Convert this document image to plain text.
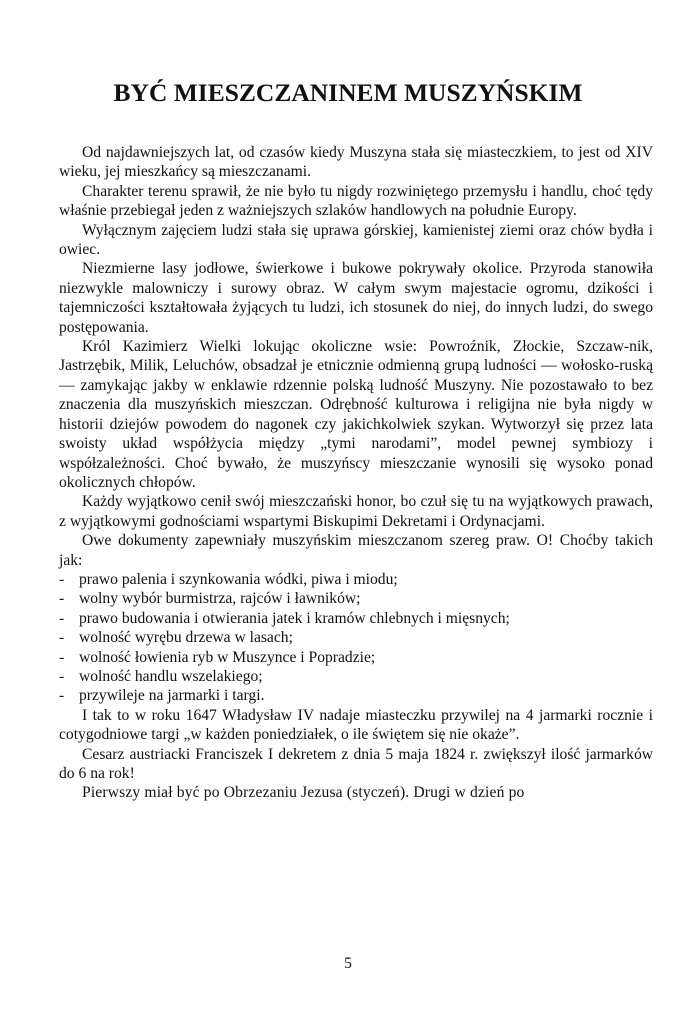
BYĆ MIESZCZANINEM MUSZYŃSKIM

Od najdawniejszych lat, od czasów kiedy Muszyna stała się miasteczkiem, to jest od XIV wieku, jej mieszkańcy są mieszczanami.

Charakter terenu sprawił, że nie było tu nigdy rozwiniętego przemysłu i handlu, choć tędy właśnie przebiegał jeden z ważniejszych szlaków handlowych na południe Europy.

Wyłącznym zajęciem ludzi stała się uprawa górskiej, kamienistej ziemi oraz chów bydła i owiec.

Niezmierne lasy jodłowe, świerkowe i bukowe pokrywały okolice. Przyroda stanowiła niezwykle malowniczy i surowy obraz. W całym swym majestacie ogromu, dzikości i tajemniczości kształtowała żyjących tu ludzi, ich stosunek do niej, do innych ludzi, do swego postępowania.

Król Kazimierz Wielki lokując okoliczne wsie: Powroźnik, Złockie, Szczaw-nik, Jastrzębik, Milik, Leluchów, obsadzał je etnicznie odmienną grupą ludności — wołosko-ruską — zamykając jakby w enklawie rdzennie polską ludność Muszyny. Nie pozostawało to bez znaczenia dla muszyńskich mieszczan. Odrębność kulturowa i religijna nie była nigdy w historii dziejów powodem do nagonek czy jakichkolwiek szykan. Wytworzył się przez lata swoisty układ współżycia między „tymi narodami”, model pewnej symbiozy i współzależności. Choć bywało, że muszyńscy mieszczanie wynosili się wysoko ponad okolicznych chłopów.

Każdy wyjątkowo cenił swój mieszczański honor, bo czuł się tu na wyjątkowych prawach, z wyjątkowymi godnościami wspartymi Biskupimi Dekretami i Ordynacjami.

Owe dokumenty zapewniały muszyńskim mieszczanom szereg praw. O! Choćby takich jak:

- prawo palenia i szynkowania wódki, piwa i miodu;
- wolny wybór burmistrza, rajców i ławników;
- prawo budowania i otwierania jatek i kramów chlebnych i mięsnych;
- wolność wyrębu drzewa w lasach;
- wolność łowienia ryb w Muszynce i Popradzie;
- wolność handlu wszelakiego;
- przywileje na jarmarki i targi.

I tak to w roku 1647 Władysław IV nadaje miasteczku przywilej na 4 jarmarki rocznie i cotygodniowe targi „w każden poniedziałek, o ile świętem się nie okaże”.

Cesarz austriacki Franciszek I dekretem z dnia 5 maja 1824 r. zwiększył ilość jarmarków do 6 na rok!

Pierwszy miał być po Obrzezaniu Jezusa (styczeń). Drugi w dzień po

5
